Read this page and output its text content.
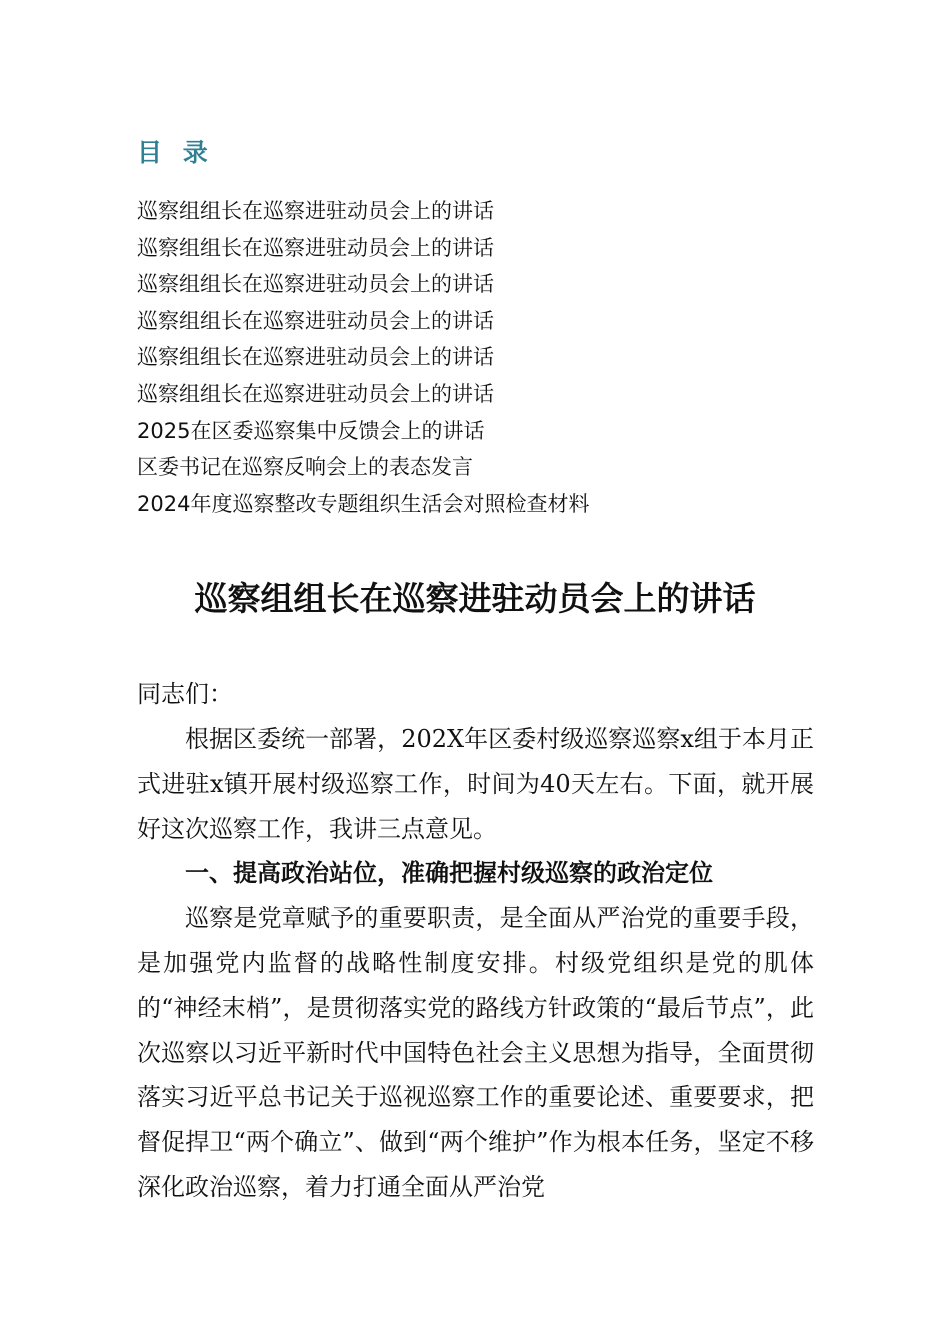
目 录
巡察组组长在巡察进驻动员会上的讲话
巡察组组长在巡察进驻动员会上的讲话
巡察组组长在巡察进驻动员会上的讲话
巡察组组长在巡察进驻动员会上的讲话
巡察组组长在巡察进驻动员会上的讲话
巡察组组长在巡察进驻动员会上的讲话
2025在区委巡察集中反馈会上的讲话
区委书记在巡察反响会上的表态发言
2024年度巡察整改专题组织生活会对照检查材料
巡察组组长在巡察进驻动员会上的讲话

同志们：

根据区委统一部署，202X年区委村级巡察巡察x组于本月正式进驻x镇开展村级巡察工作，时间为40天左右。下面，就开展好这次巡察工作，我讲三点意见。

一、提高政治站位，准确把握村级巡察的政治定位

巡察是党章赋予的重要职责，是全面从严治党的重要手段，是加强党内监督的战略性制度安排。村级党组织是党的肌体的“神经末梢”，是贯彻落实党的路线方针政策的“最后节点”，此次巡察以习近平新时代中国特色社会主义思想为指导，全面贯彻落实习近平总书记关于巡视巡察工作的重要论述、重要要求，把督促捍卫“两个确立”、做到“两个维护”作为根本任务，坚定不移深化政治巡察，着力打通全面从严治党
